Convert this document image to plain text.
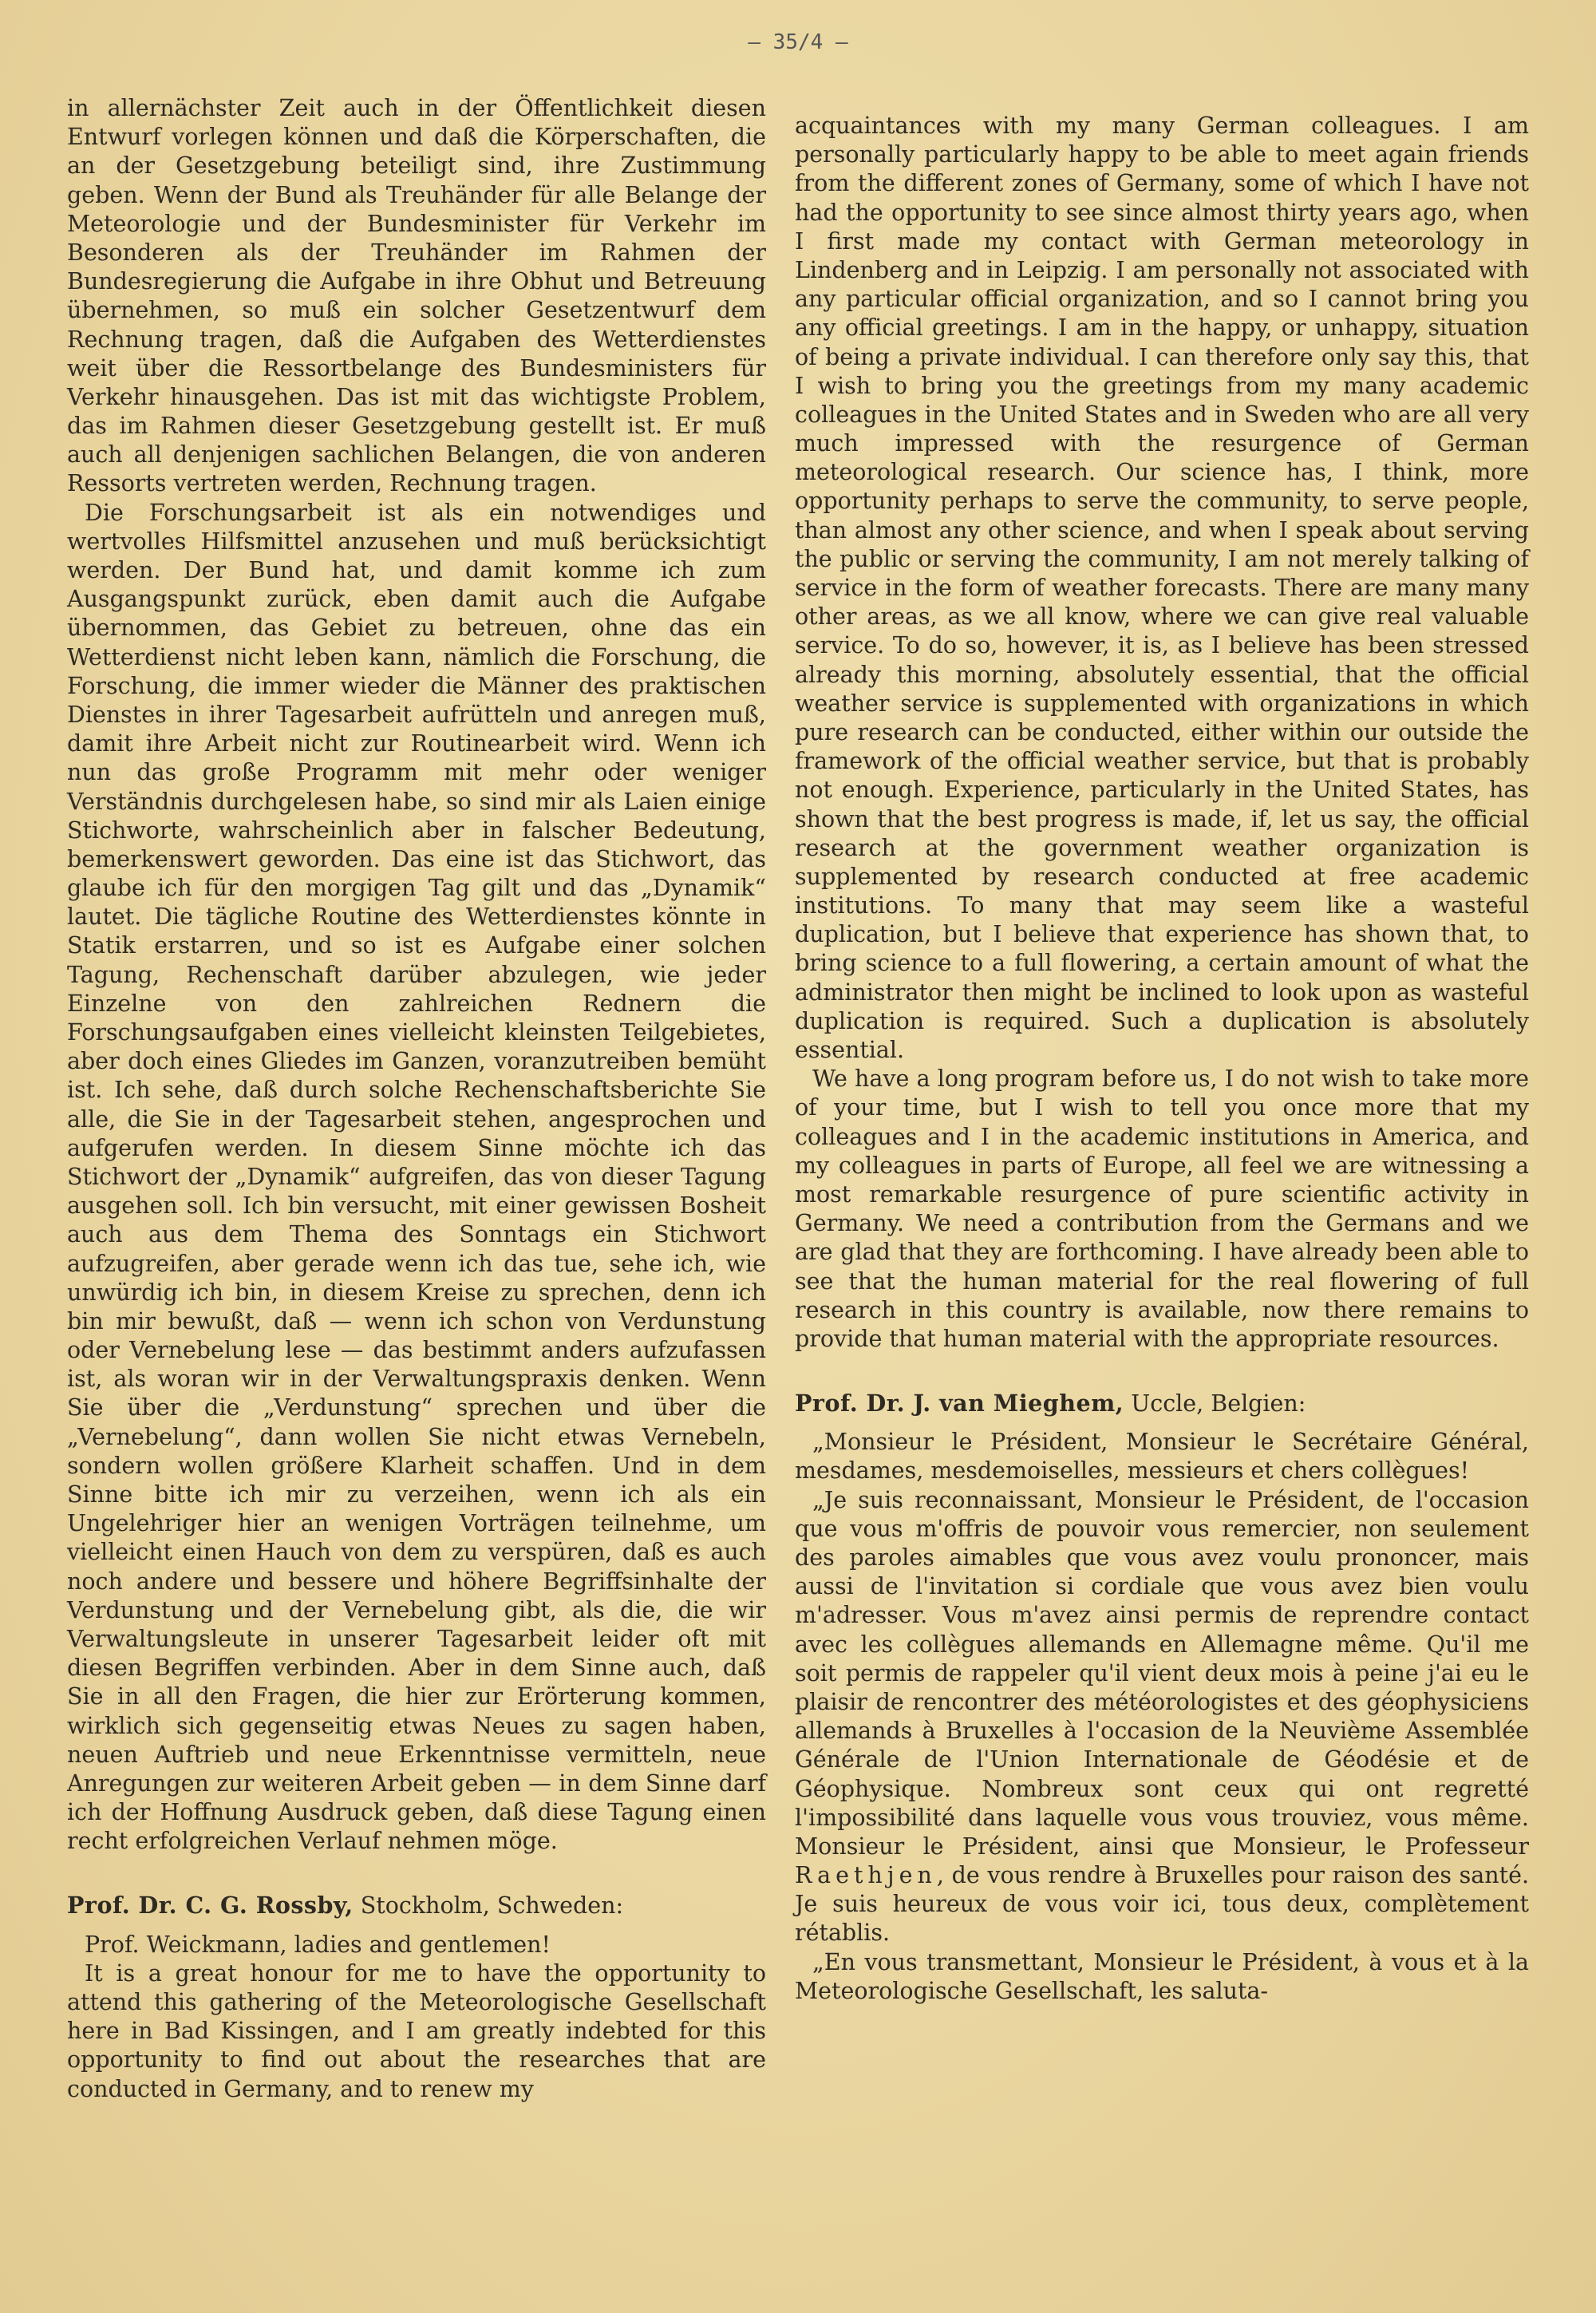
— 35/4 —

in allernächster Zeit auch in der Öffentlichkeit diesen Entwurf vorlegen können und daß die Körperschaften, die an der Gesetzgebung beteiligt sind, ihre Zustimmung geben. Wenn der Bund als Treuhänder für alle Belange der Meteorologie und der Bundesminister für Verkehr im Besonderen als der Treuhänder im Rahmen der Bundesregierung die Aufgabe in ihre Obhut und Betreuung übernehmen, so muß ein solcher Gesetzentwurf dem Rechnung tragen, daß die Aufgaben des Wetterdienstes weit über die Ressortbelange des Bundesministers für Verkehr hinausgehen. Das ist mit das wichtigste Problem, das im Rahmen dieser Gesetzgebung gestellt ist. Er muß auch all denjenigen sachlichen Belangen, die von anderen Ressorts vertreten werden, Rechnung tragen.

Die Forschungsarbeit ist als ein notwendiges und wertvolles Hilfsmittel anzusehen und muß berücksichtigt werden. Der Bund hat, und damit komme ich zum Ausgangspunkt zurück, eben damit auch die Aufgabe übernommen, das Gebiet zu betreuen, ohne das ein Wetterdienst nicht leben kann, nämlich die Forschung, die Forschung, die immer wieder die Männer des praktischen Dienstes in ihrer Tagesarbeit aufrütteln und anregen muß, damit ihre Arbeit nicht zur Routinearbeit wird. Wenn ich nun das große Programm mit mehr oder weniger Verständnis durchgelesen habe, so sind mir als Laien einige Stichworte, wahrscheinlich aber in falscher Bedeutung, bemerkenswert geworden. Das eine ist das Stichwort, das glaube ich für den morgigen Tag gilt und das „Dynamik“ lautet. Die tägliche Routine des Wetterdienstes könnte in Statik erstarren, und so ist es Aufgabe einer solchen Tagung, Rechenschaft darüber abzulegen, wie jeder Einzelne von den zahlreichen Rednern die Forschungsaufgaben eines vielleicht kleinsten Teilgebietes, aber doch eines Gliedes im Ganzen, voranzutreiben bemüht ist. Ich sehe, daß durch solche Rechenschaftsberichte Sie alle, die Sie in der Tagesarbeit stehen, angesprochen und aufgerufen werden. In diesem Sinne möchte ich das Stichwort der „Dynamik“ aufgreifen, das von dieser Tagung ausgehen soll. Ich bin versucht, mit einer gewissen Bosheit auch aus dem Thema des Sonntags ein Stichwort aufzugreifen, aber gerade wenn ich das tue, sehe ich, wie unwürdig ich bin, in diesem Kreise zu sprechen, denn ich bin mir bewußt, daß — wenn ich schon von Verdunstung oder Vernebelung lese — das bestimmt anders aufzufassen ist, als woran wir in der Verwaltungspraxis denken. Wenn Sie über die „Verdunstung“ sprechen und über die „Vernebelung“, dann wollen Sie nicht etwas Vernebeln, sondern wollen größere Klarheit schaffen. Und in dem Sinne bitte ich mir zu verzeihen, wenn ich als ein Ungelehriger hier an wenigen Vorträgen teilnehme, um vielleicht einen Hauch von dem zu verspüren, daß es auch noch andere und bessere und höhere Begriffsinhalte der Verdunstung und der Vernebelung gibt, als die, die wir Verwaltungsleute in unserer Tagesarbeit leider oft mit diesen Begriffen verbinden. Aber in dem Sinne auch, daß Sie in all den Fragen, die hier zur Erörterung kommen, wirklich sich gegenseitig etwas Neues zu sagen haben, neuen Auftrieb und neue Erkenntnisse vermitteln, neue Anregungen zur weiteren Arbeit geben — in dem Sinne darf ich der Hoffnung Ausdruck geben, daß diese Tagung einen recht erfolgreichen Verlauf nehmen möge.

Prof. Dr. C. G. Rossby, Stockholm, Schweden:

Prof. Weickmann, ladies and gentlemen!

It is a great honour for me to have the opportunity to attend this gathering of the Meteorologische Gesellschaft here in Bad Kissingen, and I am greatly indebted for this opportunity to find out about the researches that are conducted in Germany, and to renew my

acquaintances with my many German colleagues. I am personally particularly happy to be able to meet again friends from the different zones of Germany, some of which I have not had the opportunity to see since almost thirty years ago, when I first made my contact with German meteorology in Lindenberg and in Leipzig. I am personally not associated with any particular official organization, and so I cannot bring you any official greetings. I am in the happy, or unhappy, situation of being a private individual. I can therefore only say this, that I wish to bring you the greetings from my many academic colleagues in the United States and in Sweden who are all very much impressed with the resurgence of German meteorological research. Our science has, I think, more opportunity perhaps to serve the community, to serve people, than almost any other science, and when I speak about serving the public or serving the community, I am not merely talking of service in the form of weather forecasts. There are many many other areas, as we all know, where we can give real valuable service. To do so, however, it is, as I believe has been stressed already this morning, absolutely essential, that the official weather service is supplemented with organizations in which pure research can be conducted, either within our outside the framework of the official weather service, but that is probably not enough. Experience, particularly in the United States, has shown that the best progress is made, if, let us say, the official research at the government weather organization is supplemented by research conducted at free academic institutions. To many that may seem like a wasteful duplication, but I believe that experience has shown that, to bring science to a full flowering, a certain amount of what the administrator then might be inclined to look upon as wasteful duplication is required. Such a duplication is absolutely essential.

We have a long program before us, I do not wish to take more of your time, but I wish to tell you once more that my colleagues and I in the academic institutions in America, and my colleagues in parts of Europe, all feel we are witnessing a most remarkable resurgence of pure scientific activity in Germany. We need a contribution from the Germans and we are glad that they are forthcoming. I have already been able to see that the human material for the real flowering of full research in this country is available, now there remains to provide that human material with the appropriate resources.

Prof. Dr. J. van Mieghem, Uccle, Belgien:

„Monsieur le Président, Monsieur le Secrétaire Général, mesdames, mesdemoiselles, messieurs et chers collègues!

„Je suis reconnaissant, Monsieur le Président, de l'occasion que vous m'offris de pouvoir vous remercier, non seulement des paroles aimables que vous avez voulu prononcer, mais aussi de l'invitation si cordiale que vous avez bien voulu m'adresser. Vous m'avez ainsi permis de reprendre contact avec les collègues allemands en Allemagne même. Qu'il me soit permis de rappeler qu'il vient deux mois à peine j'ai eu le plaisir de rencontrer des météorologistes et des géophysiciens allemands à Bruxelles à l'occasion de la Neuvième Assemblée Générale de l'Union Internationale de Géodésie et de Géophysique. Nombreux sont ceux qui ont regretté l'impossibilité dans laquelle vous vous trouviez, vous même. Monsieur le Président, ainsi que Monsieur, le Professeur Raethjen, de vous rendre à Bruxelles pour raison des santé. Je suis heureux de vous voir ici, tous deux, complètement rétablis.

„En vous transmettant, Monsieur le Président, à vous et à la Meteorologische Gesellschaft, les saluta-
